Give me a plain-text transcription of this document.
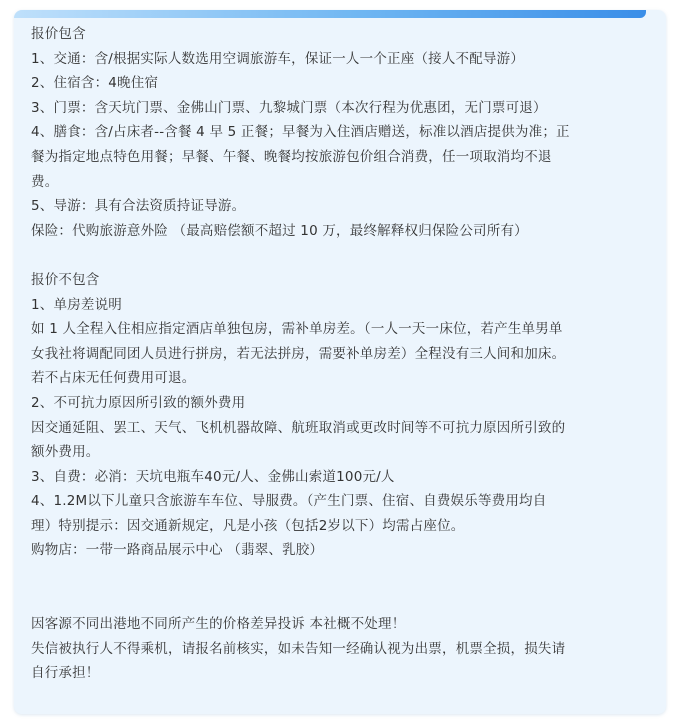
报价包含
1、交通：含/根据实际人数选用空调旅游车，保证一人一个正座（接人不配导游）
2、住宿含：4晚住宿
3、门票：含天坑门票、金佛山门票、九黎城门票（本次行程为优惠团，无门票可退）
4、膳食：含/占床者--含餐 4 早 5 正餐；早餐为入住酒店赠送，标准以酒店提供为准；正
餐为指定地点特色用餐；早餐、午餐、晚餐均按旅游包价组合消费，任一项取消均不退
费。
5、导游：具有合法资质持证导游。
保险：代购旅游意外险 （最高赔偿额不超过 10 万，最终解释权归保险公司所有）
报价不包含
1、单房差说明
如 1 人全程入住相应指定酒店单独包房，需补单房差。（一人一天一床位，若产生单男单
女我社将调配同团人员进行拼房，若无法拼房，需要补单房差）全程没有三人间和加床。
若不占床无任何费用可退。
2、不可抗力原因所引致的额外费用
因交通延阻、罢工、天气、飞机机器故障、航班取消或更改时间等不可抗力原因所引致的
额外费用。
3、自费：必消：天坑电瓶车40元/人、金佛山索道100元/人
4、1.2M以下儿童只含旅游车车位、导服费。（产生门票、住宿、自费娱乐等费用均自
理）特别提示：因交通新规定，凡是小孩（包括2岁以下）均需占座位。
购物店：一带一路商品展示中心 （翡翠、乳胶）
因客源不同出港地不同所产生的价格差异投诉 本社概不处理！
失信被执行人不得乘机，请报名前核实，如未告知一经确认视为出票，机票全损，损失请
自行承担！
